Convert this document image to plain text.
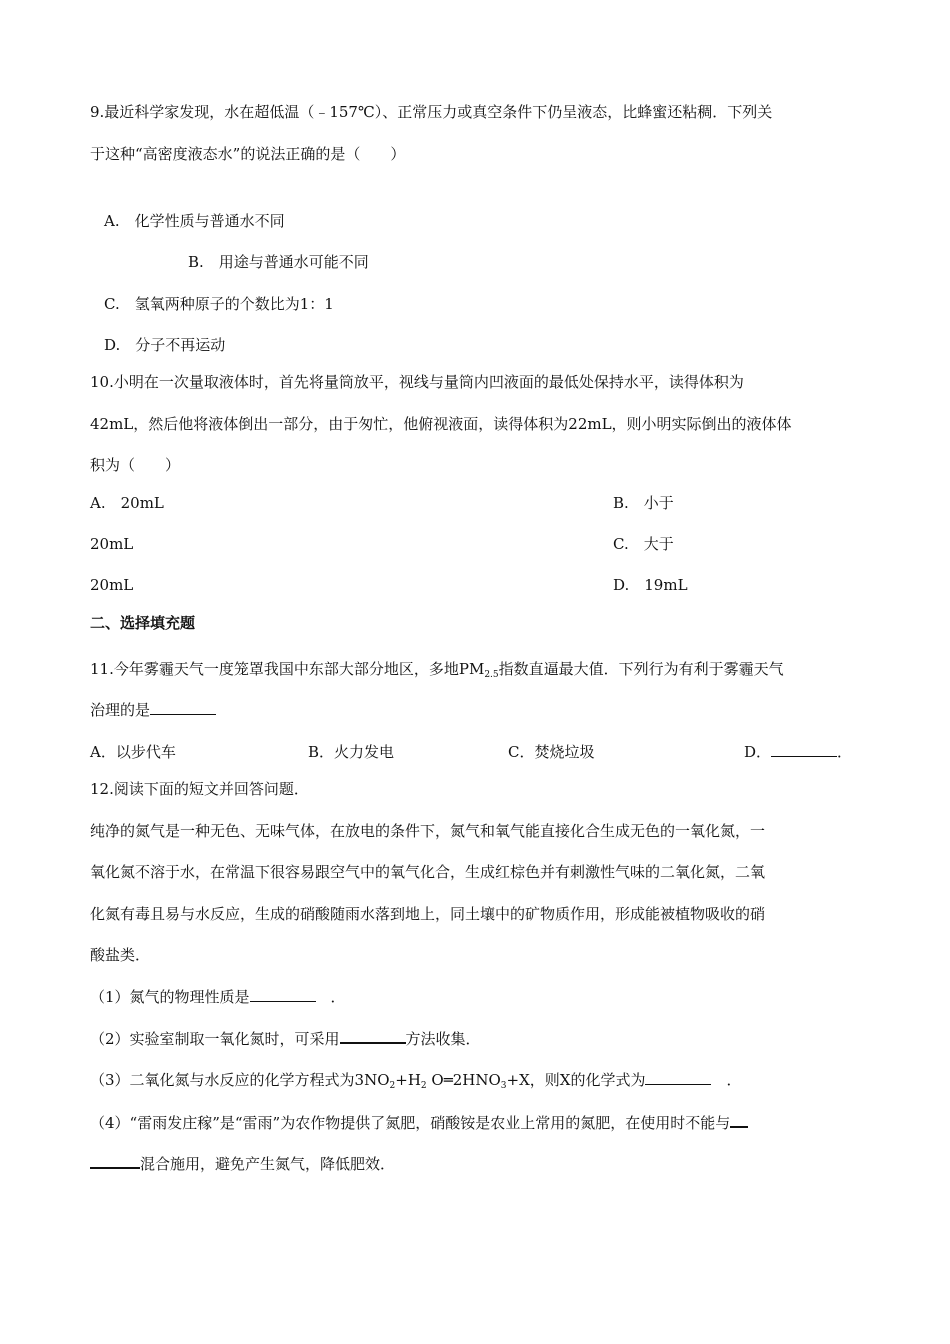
9.最近科学家发现，水在超低温（﹣157℃）、正常压力或真空条件下仍呈液态，比蜂蜜还粘稠．下列关
于这种“高密度液态水”的说法正确的是（　　）
A.　化学性质与普通水不同
B.　用途与普通水可能不同
C.　氢氧两种原子的个数比为1：1
D.　分子不再运动
10.小明在一次量取液体时，首先将量筒放平，视线与量筒内凹液面的最低处保持水平，读得体积为
42mL，然后他将液体倒出一部分，由于匆忙，他俯视液面，读得体积为22mL，则小明实际倒出的液体体
积为（　　）
A.　20mL	B.　小于
20mL	C.　大于
20mL	D.　19mL
二、选择填充题
11.今年雾霾天气一度笼罩我国中东部大部分地区，多地$PM_{2.5}$指数直逼最大值．下列行为有利于雾霾天气
治理的是
A．以步代车	B．火力发电	C．焚烧垃圾	D．	．
12.阅读下面的短文并回答问题．
纯净的氮气是一种无色、无味气体，在放电的条件下，氮气和氧气能直接化合生成无色的一氧化氮，一
氧化氮不溶于水，在常温下很容易跟空气中的氧气化合，生成红棕色并有刺激性气味的二氧化氮，二氧
化氮有毒且易与水反应，生成的硝酸随雨水落到地上，同土壤中的矿物质作用，形成能被植物吸收的硝
酸盐类．
（1）氮气的物理性质是	　．
（2）实验室制取一氧化氮时，可采用	方法收集．
（3）二氧化氮与水反应的化学方程式为$3NO_2+H_2$ $O═2HNO_3+X$，则X的化学式为	　．
（4）“雷雨发庄稼”是“雷雨”为农作物提供了氮肥，硝酸铵是农业上常用的氮肥，在使用时不能与
混合施用，避免产生氮气，降低肥效．
